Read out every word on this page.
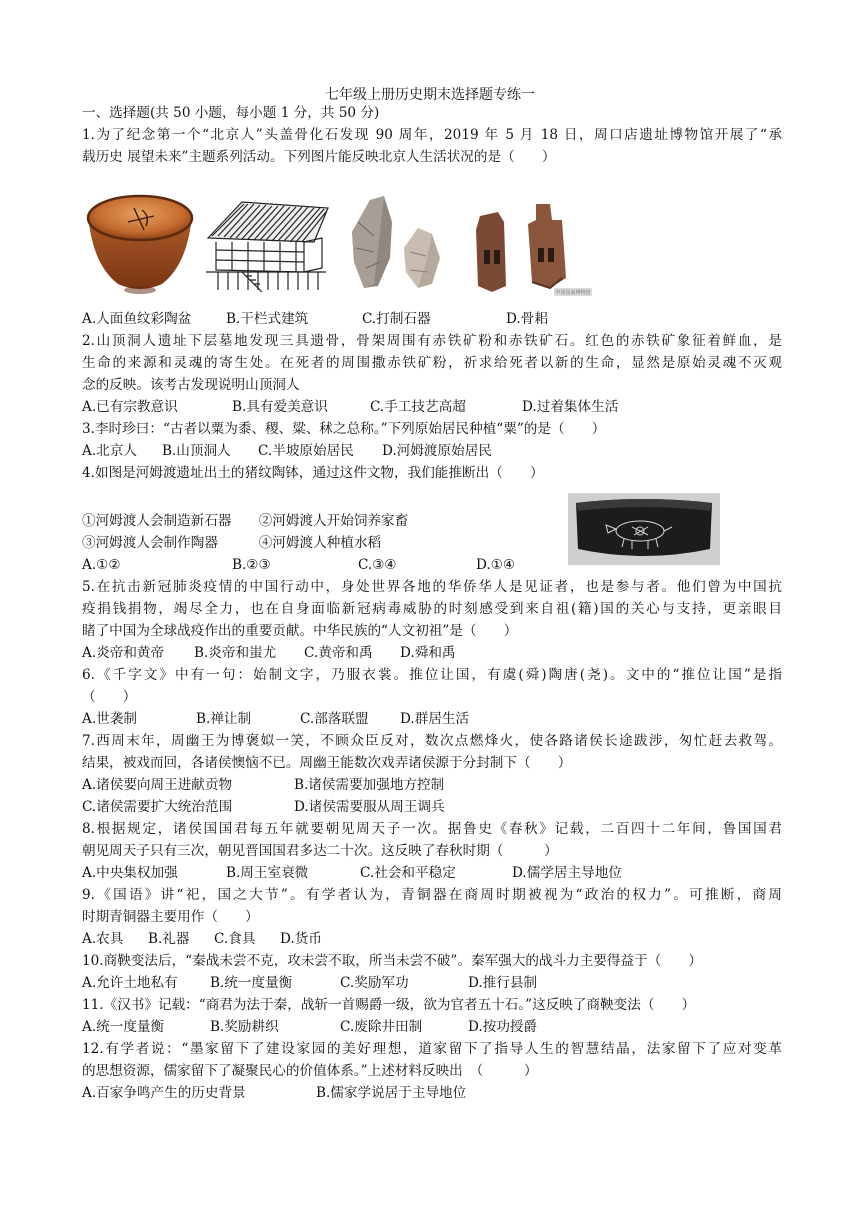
七年级上册历史期末选择题专练一
一、选择题(共 50 小题，每小题 1 分，共 50 分)
1.为了纪念第一个“北京人”头盖骨化石发现 90 周年，2019 年 5 月 18 日，周口店遗址博物馆开展了“承
载历史 展望未来”主题系列活动。下列图片能反映北京人生活状况的是（　　）
中国国家博物馆
A.人面鱼纹彩陶盆	B.干栏式建筑	C.打制石器	D.骨耜
2.山顶洞人遗址下层墓地发现三具遗骨，骨架周围有赤铁矿粉和赤铁矿石。红色的赤铁矿象征着鲜血，是
生命的来源和灵魂的寄生处。在死者的周围撒赤铁矿粉，祈求给死者以新的生命，显然是原始灵魂不灭观
念的反映。该考古发现说明山顶洞人
A.已有宗教意识	B.具有爱美意识	C.手工技艺高超	D.过着集体生活
3.李时珍曰：“古者以粟为黍、稷、粱、秫之总称。”下列原始居民种植“粟”的是（　　）
A.北京人 B.山顶洞人 C.半坡原始居民 D.河姆渡原始居民
4.如图是河姆渡遗址出土的猪纹陶钵，通过这件文物，我们能推断出（　　）
①河姆渡人会制造新石器　　②河姆渡人开始饲养家畜
③河姆渡人会制作陶器　　　④河姆渡人种植水稻
A.①②	B.②③	C.③④	D.①④
5.在抗击新冠肺炎疫情的中国行动中，身处世界各地的华侨华人是见证者，也是参与者。他们曾为中国抗
疫捐钱捐物，竭尽全力，也在自身面临新冠病毒威胁的时刻感受到来自祖(籍)国的关心与支持，更亲眼目
睹了中国为全球战疫作出的重要贡献。中华民族的“人文初祖”是（　　）
A.炎帝和黄帝 B.炎帝和蚩尤 C.黄帝和禹 D.舜和禹
6.《千字文》中有一句：始制文字，乃服衣裳。推位让国，有虞(舜)陶唐(尧)。文中的“推位让国”是指
（　　）
A.世袭制	B.禅让制	C.部落联盟 D.群居生活
7.西周末年，周幽王为博褒姒一笑，不顾众臣反对，数次点燃烽火，使各路诸侯长途跋涉，匆忙赶去救驾。
结果，被戏而回，各诸侯懊恼不已。周幽王能数次戏弄诸侯源于分封制下（　　）
A.诸侯要向周王进献贡物	B.诸侯需要加强地方控制
C.诸侯需要扩大统治范围	D.诸侯需要服从周王调兵
8.根据规定，诸侯国国君每五年就要朝见周天子一次。据鲁史《春秋》记载，二百四十二年间，鲁国国君
朝见周天子只有三次，朝见晋国国君多达二十次。这反映了春秋时期（　　　）
A.中央集权加强	B.周王室衰微	C.社会和平稳定	D.儒学居主导地位
9.《国语》讲“祀，国之大节”。有学者认为，青铜器在商周时期被视为“政治的权力”。可推断，商周
时期青铜器主要用作（　　）
A.农具 B.礼器 C.食具 D.货币
10.商鞅变法后，“秦战未尝不克，攻未尝不取，所当未尝不破”。秦军强大的战斗力主要得益于（　　）
A.允许土地私有 B.统一度量衡	C.奖励军功	D.推行县制
11.《汉书》记载：“商君为法于秦，战斩一首赐爵一级，欲为官者五十石。”这反映了商鞅变法（　　）
A.统一度量衡	B.奖励耕织	C.废除井田制	D.按功授爵
12.有学者说：“墨家留下了建设家园的美好理想，道家留下了指导人生的智慧结晶，法家留下了应对变革
的思想资源，儒家留下了凝聚民心的价值体系。”上述材料反映出　（　　　）
A.百家争鸣产生的历史背景	B.儒家学说居于主导地位
